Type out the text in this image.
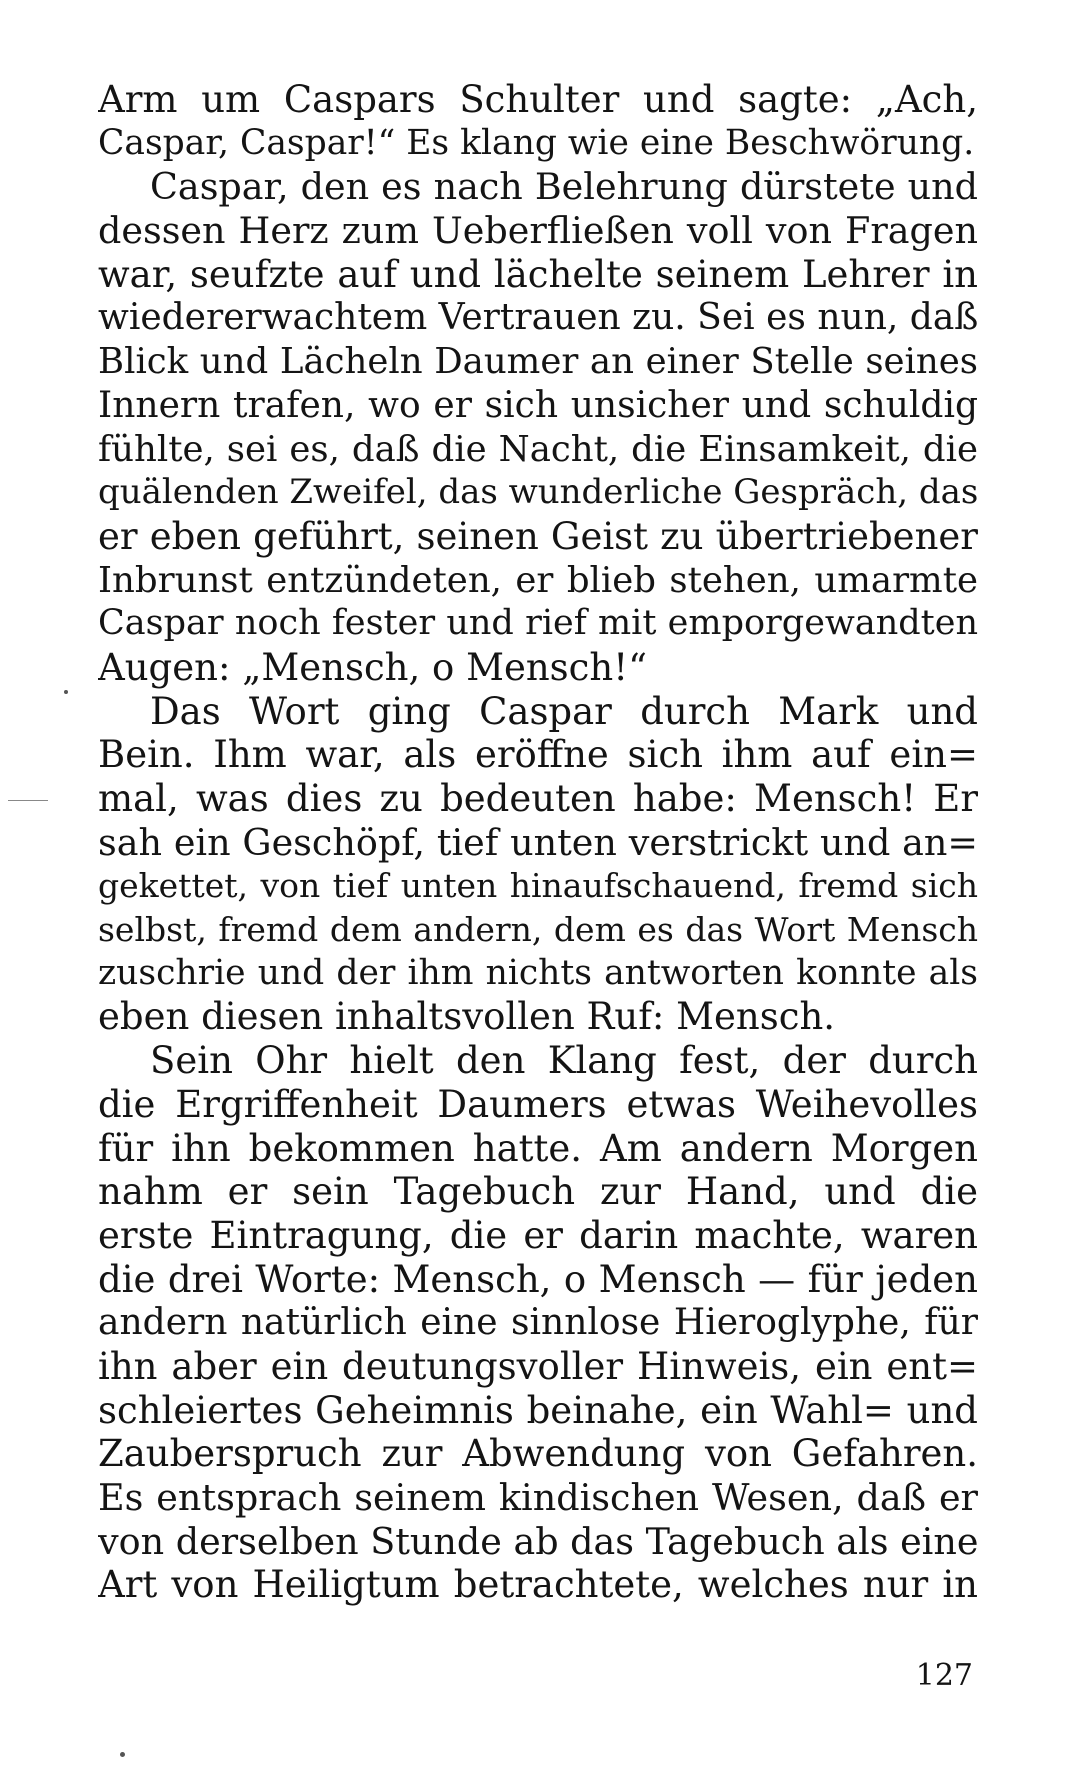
Arm um Caspars Schulter und sagte: „Ach,
Caspar, Caspar!“ Es klang wie eine Beschwörung.
Caspar, den es nach Belehrung dürstete und
dessen Herz zum Ueberfließen voll von Fragen
war, seufzte auf und lächelte seinem Lehrer in
wiedererwachtem Vertrauen zu. Sei es nun, daß
Blick und Lächeln Daumer an einer Stelle seines
Innern trafen, wo er sich unsicher und schuldig
fühlte, sei es, daß die Nacht, die Einsamkeit, die
quälenden Zweifel, das wunderliche Gespräch, das
er eben geführt, seinen Geist zu übertriebener
Inbrunst entzündeten, er blieb stehen, umarmte
Caspar noch fester und rief mit emporgewandten
Augen: „Mensch, o Mensch!“
Das Wort ging Caspar durch Mark und
Bein. Ihm war, als eröffne sich ihm auf ein=
mal, was dies zu bedeuten habe: Mensch! Er
sah ein Geschöpf, tief unten verstrickt und an=
gekettet, von tief unten hinaufschauend, fremd sich
selbst, fremd dem andern, dem es das Wort Mensch
zuschrie und der ihm nichts antworten konnte als
eben diesen inhaltsvollen Ruf: Mensch.
Sein Ohr hielt den Klang fest, der durch
die Ergriffenheit Daumers etwas Weihevolles
für ihn bekommen hatte. Am andern Morgen
nahm er sein Tagebuch zur Hand, und die
erste Eintragung, die er darin machte, waren
die drei Worte: Mensch, o Mensch — für jeden
andern natürlich eine sinnlose Hieroglyphe, für
ihn aber ein deutungsvoller Hinweis, ein ent=
schleiertes Geheimnis beinahe, ein Wahl= und
Zauberspruch zur Abwendung von Gefahren.
Es entsprach seinem kindischen Wesen, daß er
von derselben Stunde ab das Tagebuch als eine
Art von Heiligtum betrachtete, welches nur in
127
